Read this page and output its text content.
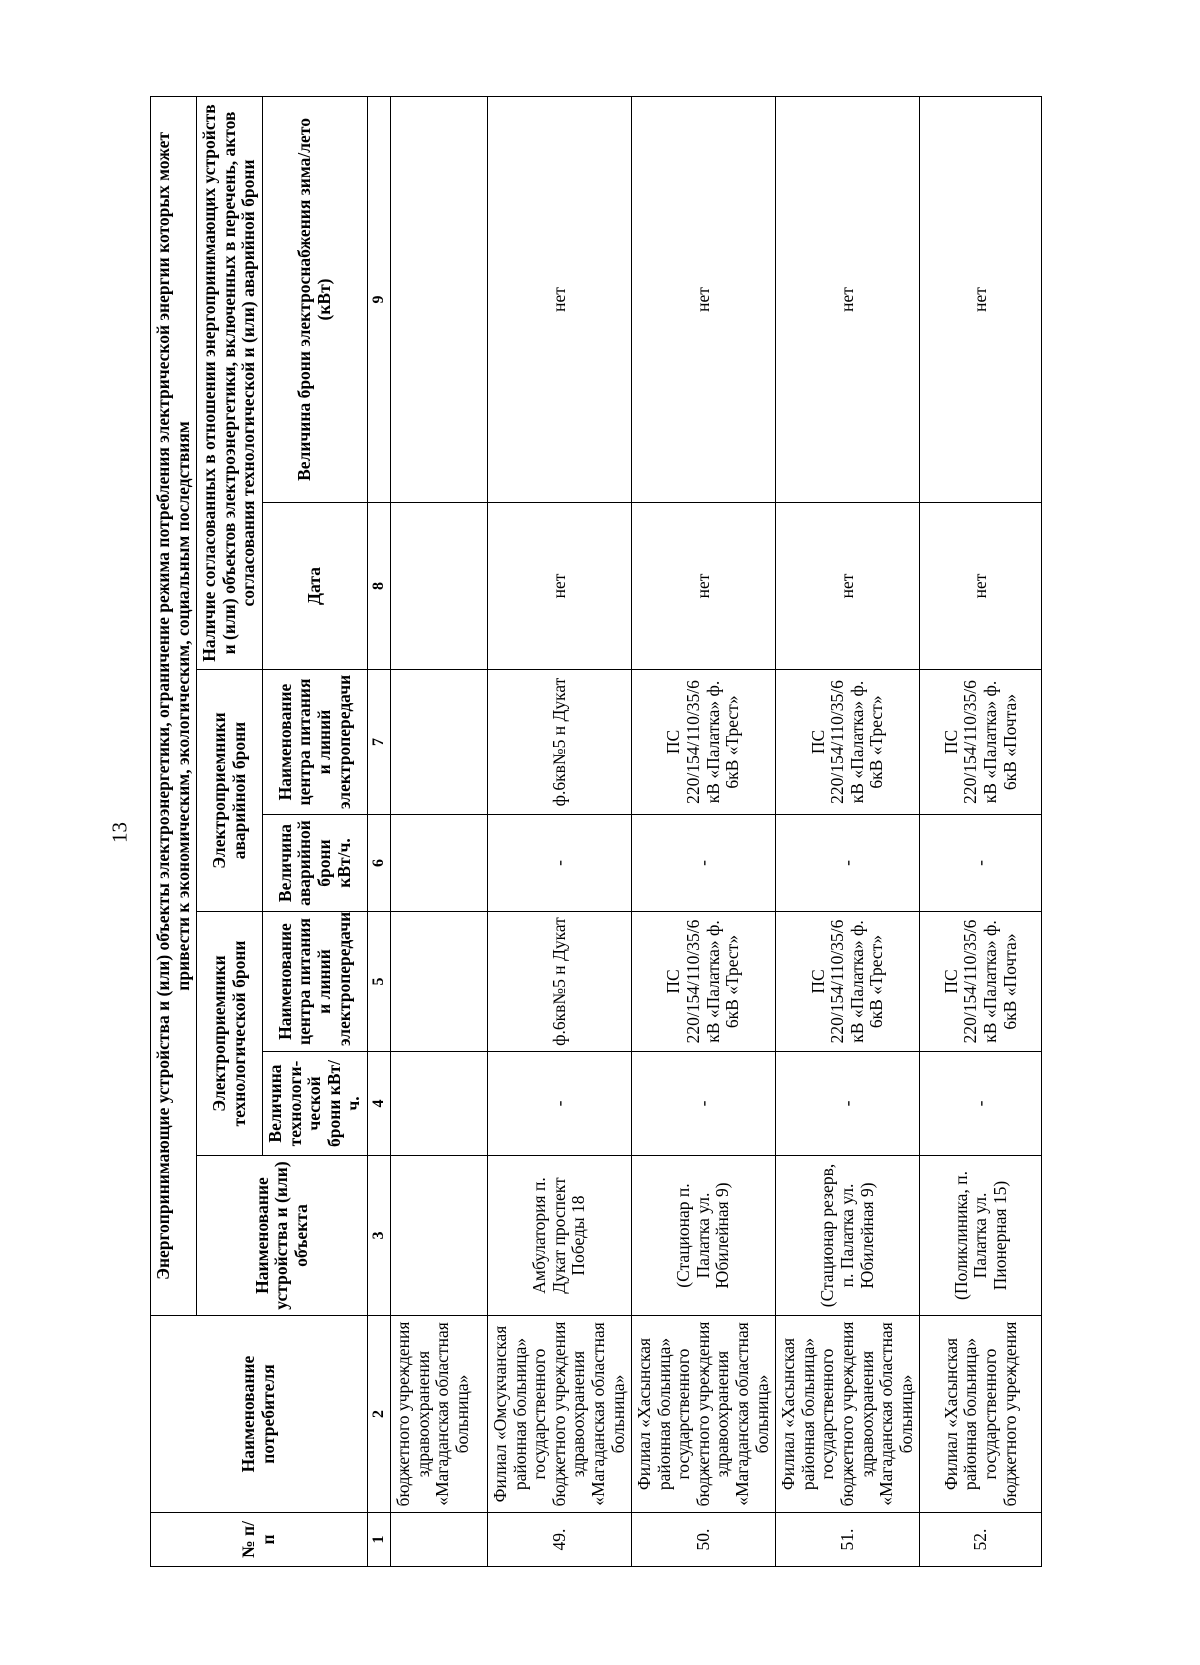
13
№ п/п	Наименование потребителя	Энергопринимающие устройства и (или) объекты электроэнергетики, ограничение режима потребления электрической энергии которых может привести к экономическим, экологическим, социальным последствиям						
		Наименование устройства и (или) объекта	Электроприемники технологической брони		Электроприемники аварийной брони		Наличие согласованных в отношении энергопринимающих устройств и (или) объектов электроэнергетики, включенных в перечень, актов согласования технологической и (или) аварийной брони	
			Величина технологи-ческой брони кВт/ч.	Наименование центра питания и линий электропередачи	Величина аварийной брони кВт/ч.	Наименование центра питания и линий электропередачи	Дата	Величина брони электроснабжения зима/лето (кВт)
1	2	3	4	5	6	7	8	9
	бюджетного учреждения здравоохранения «Магаданская областная больница»							
49.	Филиал «Омсукчанская районная больница» государственного бюджетного учреждения здравоохранения «Магаданская областная больница»	Амбулатория п. Дукат проспект Победы 18	-	ф.6кв№5 н Дукат	-	ф.6кв№5 н Дукат	нет	нет
50.	Филиал «Хасынская районная больница» государственного бюджетного учреждения здравоохранения «Магаданская областная больница»	(Стационар п. Палатка ул. Юбилейная 9)	-	ПС 220/154/110/35/6 кВ «Палатка» ф. 6кВ «Трест»	-	ПС 220/154/110/35/6 кВ «Палатка» ф. 6кВ «Трест»	нет	нет
51.	Филиал «Хасынская районная больница» государственного бюджетного учреждения здравоохранения «Магаданская областная больница»	(Стационар резерв, п. Палатка ул. Юбилейная 9)	-	ПС 220/154/110/35/6 кВ «Палатка» ф. 6кВ «Трест»	-	ПС 220/154/110/35/6 кВ «Палатка» ф. 6кВ «Трест»	нет	нет
52.	Филиал «Хасынская районная больница» государственного бюджетного учреждения	(Поликлиника, п. Палатка ул. Пионерная 15)	-	ПС 220/154/110/35/6 кВ «Палатка» ф. 6кВ «Почта»	-	ПС 220/154/110/35/6 кВ «Палатка» ф. 6кВ «Почта»	нет	нет
